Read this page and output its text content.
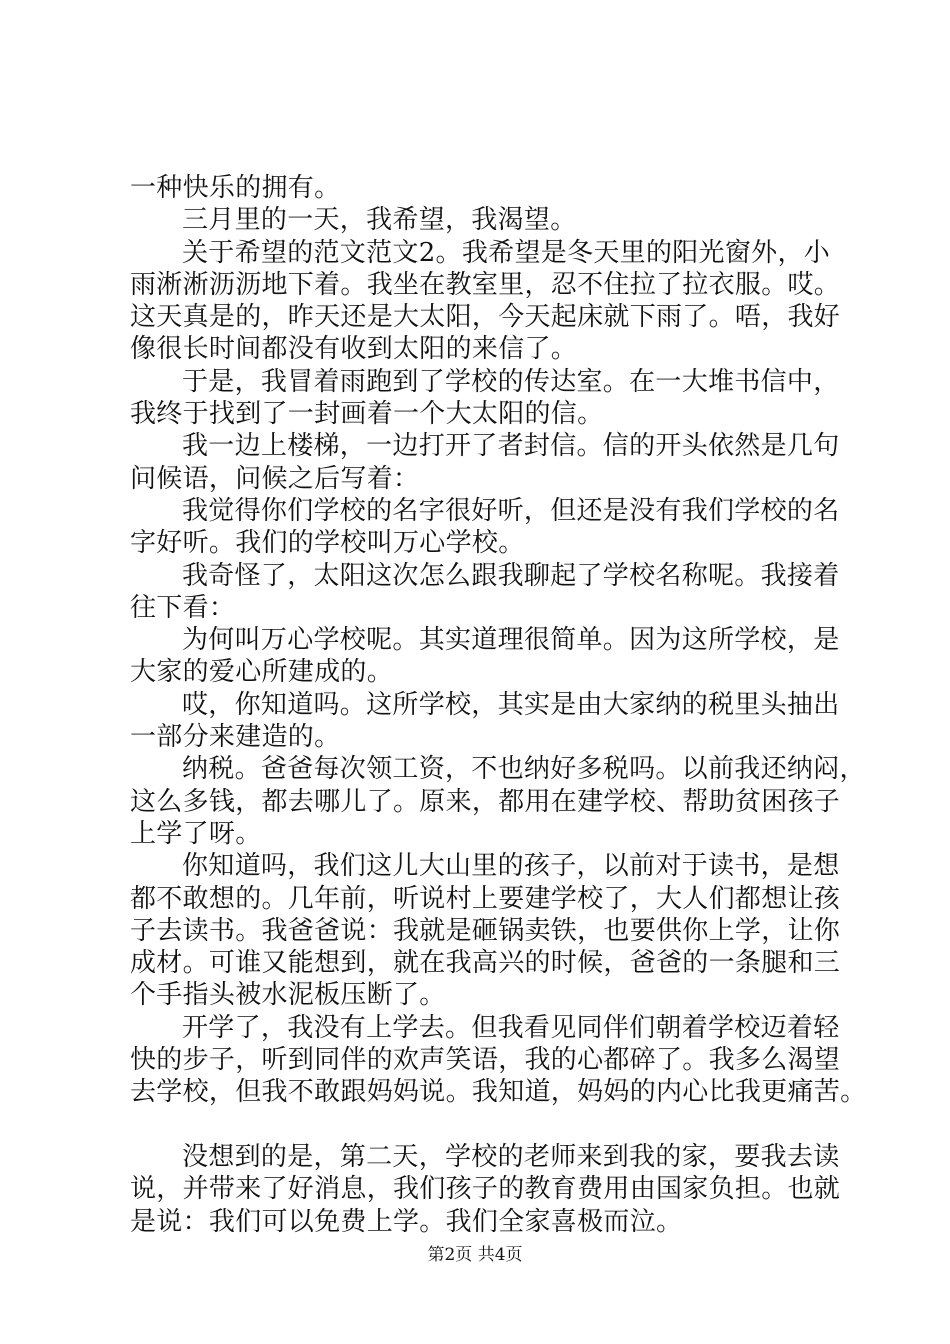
一种快乐的拥有。
三月里的一天，我希望，我渴望。
关于希望的范文范文2。我希望是冬天里的阳光窗外，小
雨淅淅沥沥地下着。我坐在教室里，忍不住拉了拉衣服。哎。
这天真是的，昨天还是大太阳，今天起床就下雨了。唔，我好
像很长时间都没有收到太阳的来信了。
于是，我冒着雨跑到了学校的传达室。在一大堆书信中，
我终于找到了一封画着一个大太阳的信。
我一边上楼梯，一边打开了者封信。信的开头依然是几句
问候语，问候之后写着：
我觉得你们学校的名字很好听，但还是没有我们学校的名
字好听。我们的学校叫万心学校。
我奇怪了，太阳这次怎么跟我聊起了学校名称呢。我接着
往下看：
为何叫万心学校呢。其实道理很简单。因为这所学校，是
大家的爱心所建成的。
哎，你知道吗。这所学校，其实是由大家纳的税里头抽出
一部分来建造的。
纳税。爸爸每次领工资，不也纳好多税吗。以前我还纳闷，
这么多钱，都去哪儿了。原来，都用在建学校、帮助贫困孩子
上学了呀。
你知道吗，我们这儿大山里的孩子，以前对于读书，是想
都不敢想的。几年前，听说村上要建学校了，大人们都想让孩
子去读书。我爸爸说：我就是砸锅卖铁，也要供你上学，让你
成材。可谁又能想到，就在我高兴的时候，爸爸的一条腿和三
个手指头被水泥板压断了。
开学了，我没有上学去。但我看见同伴们朝着学校迈着轻
快的步子，听到同伴的欢声笑语，我的心都碎了。我多么渴望
去学校，但我不敢跟妈妈说。我知道，妈妈的内心比我更痛苦。
没想到的是，第二天，学校的老师来到我的家，要我去读
说，并带来了好消息，我们孩子的教育费用由国家负担。也就
是说：我们可以免费上学。我们全家喜极而泣。
第2页 共4页
